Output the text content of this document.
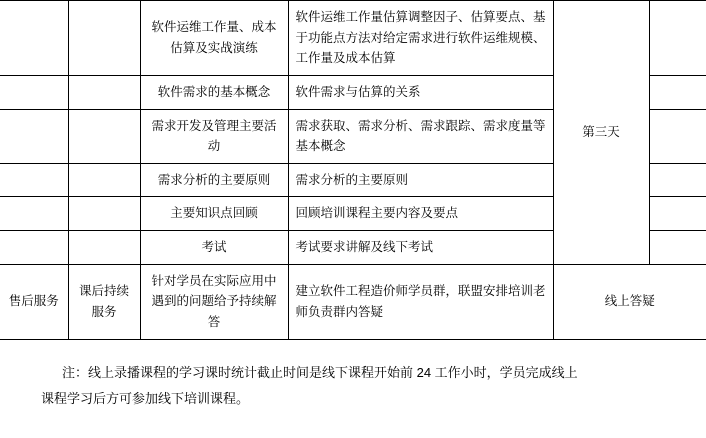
		软件运维工作量、成本估算及实战演练	软件运维工作量估算调整因子、估算要点、基于功能点方法对给定需求进行软件运维规模、工作量及成本估算	第三天	
		软件需求的基本概念	软件需求与估算的关系		
		需求开发及管理主要活动	需求获取、需求分析、需求跟踪、需求度量等基本概念		
		需求分析的主要原则	需求分析的主要原则		
		主要知识点回顾	回顾培训课程主要内容及要点		
		考试	考试要求讲解及线下考试		
售后服务	课后持续服务	针对学员在实际应用中遇到的问题给予持续解答	建立软件工程造价师学员群，联盟安排培训老师负责群内答疑	线上答疑	
注：线上录播课程的学习课时统计截止时间是线下课程开始前 24 工作小时，学员完成线上
课程学习后方可参加线下培训课程。
